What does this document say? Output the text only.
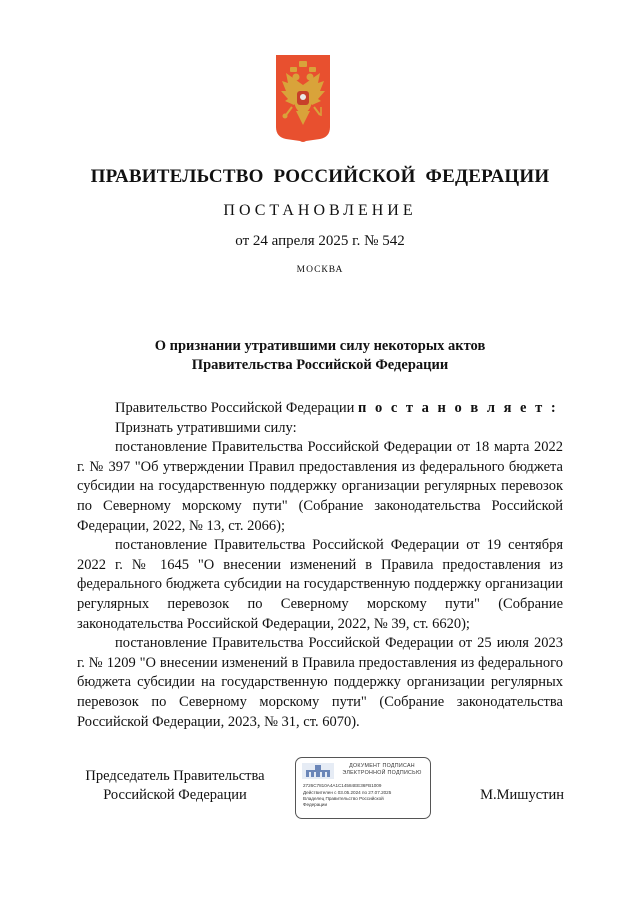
ПРАВИТЕЛЬСТВО РОССИЙСКОЙ ФЕДЕРАЦИИ
ПОСТАНОВЛЕНИЕ
от 24 апреля 2025 г. № 542
МОСКВА
О признании утратившими силу некоторых актов
Правительства Российской Федерации

Правительство Российской Федерации п о с т а н о в л я е т :

Признать утратившими силу:

постановление Правительства Российской Федерации от 18 марта 2022 г. № 397 "Об утверждении Правил предоставления из федерального бюджета субсидии на государственную поддержку организации регулярных перевозок по Северному морскому пути" (Собрание законодательства Российской Федерации, 2022, № 13, ст. 2066);

постановление Правительства Российской Федерации от 19 сентября 2022 г. № 1645 "О внесении изменений в Правила предоставления из федерального бюджета субсидии на государственную поддержку организации регулярных перевозок по Северному морскому пути" (Собрание законодательства Российской Федерации, 2022, № 39, ст. 6620);

постановление Правительства Российской Федерации от 25 июля 2023 г. № 1209 "О внесении изменений в Правила предоставления из федерального бюджета субсидии на государственную поддержку организации регулярных перевозок по Северному морскому пути" (Собрание законодательства Российской Федерации, 2023, № 31, ст. 6070).

Председатель Правительства
Российской Федерации
ДОКУМЕНТ ПОДПИСАН
ЭЛЕКТРОННОЙ ПОДПИСЬЮ
2726C7810A4A1C14584EE36FB1009
Действителен с 03.05.2024 по 27.07.2025
Владелец Правительство Российской
Федерации
М.Мишустин
